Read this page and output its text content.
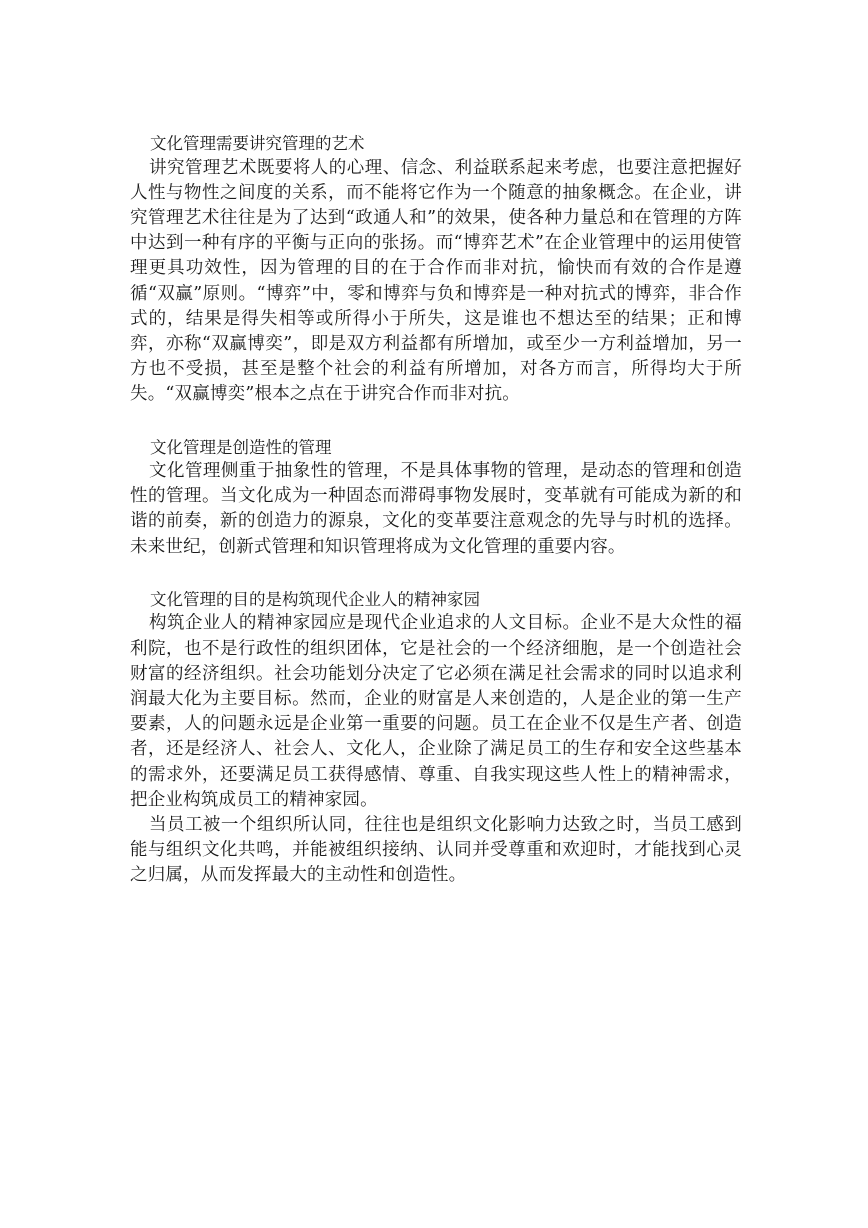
文化管理需要讲究管理的艺术

讲究管理艺术既要将人的心理、信念、利益联系起来考虑，也要注意把握好人性与物性之间度的关系，而不能将它作为一个随意的抽象概念。在企业，讲究管理艺术往往是为了达到“政通人和”的效果，使各种力量总和在管理的方阵中达到一种有序的平衡与正向的张扬。而“博弈艺术”在企业管理中的运用使管理更具功效性，因为管理的目的在于合作而非对抗，愉快而有效的合作是遵循“双赢”原则。“博弈”中，零和博弈与负和博弈是一种对抗式的博弈，非合作式的，结果是得失相等或所得小于所失，这是谁也不想达至的结果；正和博弈，亦称“双赢博奕”，即是双方利益都有所增加，或至少一方利益增加，另一方也不受损，甚至是整个社会的利益有所增加，对各方而言，所得均大于所失。“双赢博奕”根本之点在于讲究合作而非对抗。

文化管理是创造性的管理

文化管理侧重于抽象性的管理，不是具体事物的管理，是动态的管理和创造性的管理。当文化成为一种固态而滞碍事物发展时，变革就有可能成为新的和谐的前奏，新的创造力的源泉，文化的变革要注意观念的先导与时机的选择。未来世纪，创新式管理和知识管理将成为文化管理的重要内容。

文化管理的目的是构筑现代企业人的精神家园

构筑企业人的精神家园应是现代企业追求的人文目标。企业不是大众性的福利院，也不是行政性的组织团体，它是社会的一个经济细胞，是一个创造社会财富的经济组织。社会功能划分决定了它必须在满足社会需求的同时以追求利润最大化为主要目标。然而，企业的财富是人来创造的，人是企业的第一生产要素，人的问题永远是企业第一重要的问题。员工在企业不仅是生产者、创造者，还是经济人、社会人、文化人，企业除了满足员工的生存和安全这些基本的需求外，还要满足员工获得感情、尊重、自我实现这些人性上的精神需求，把企业构筑成员工的精神家园。

当员工被一个组织所认同，往往也是组织文化影响力达致之时，当员工感到能与组织文化共鸣，并能被组织接纳、认同并受尊重和欢迎时，才能找到心灵之归属，从而发挥最大的主动性和创造性。
